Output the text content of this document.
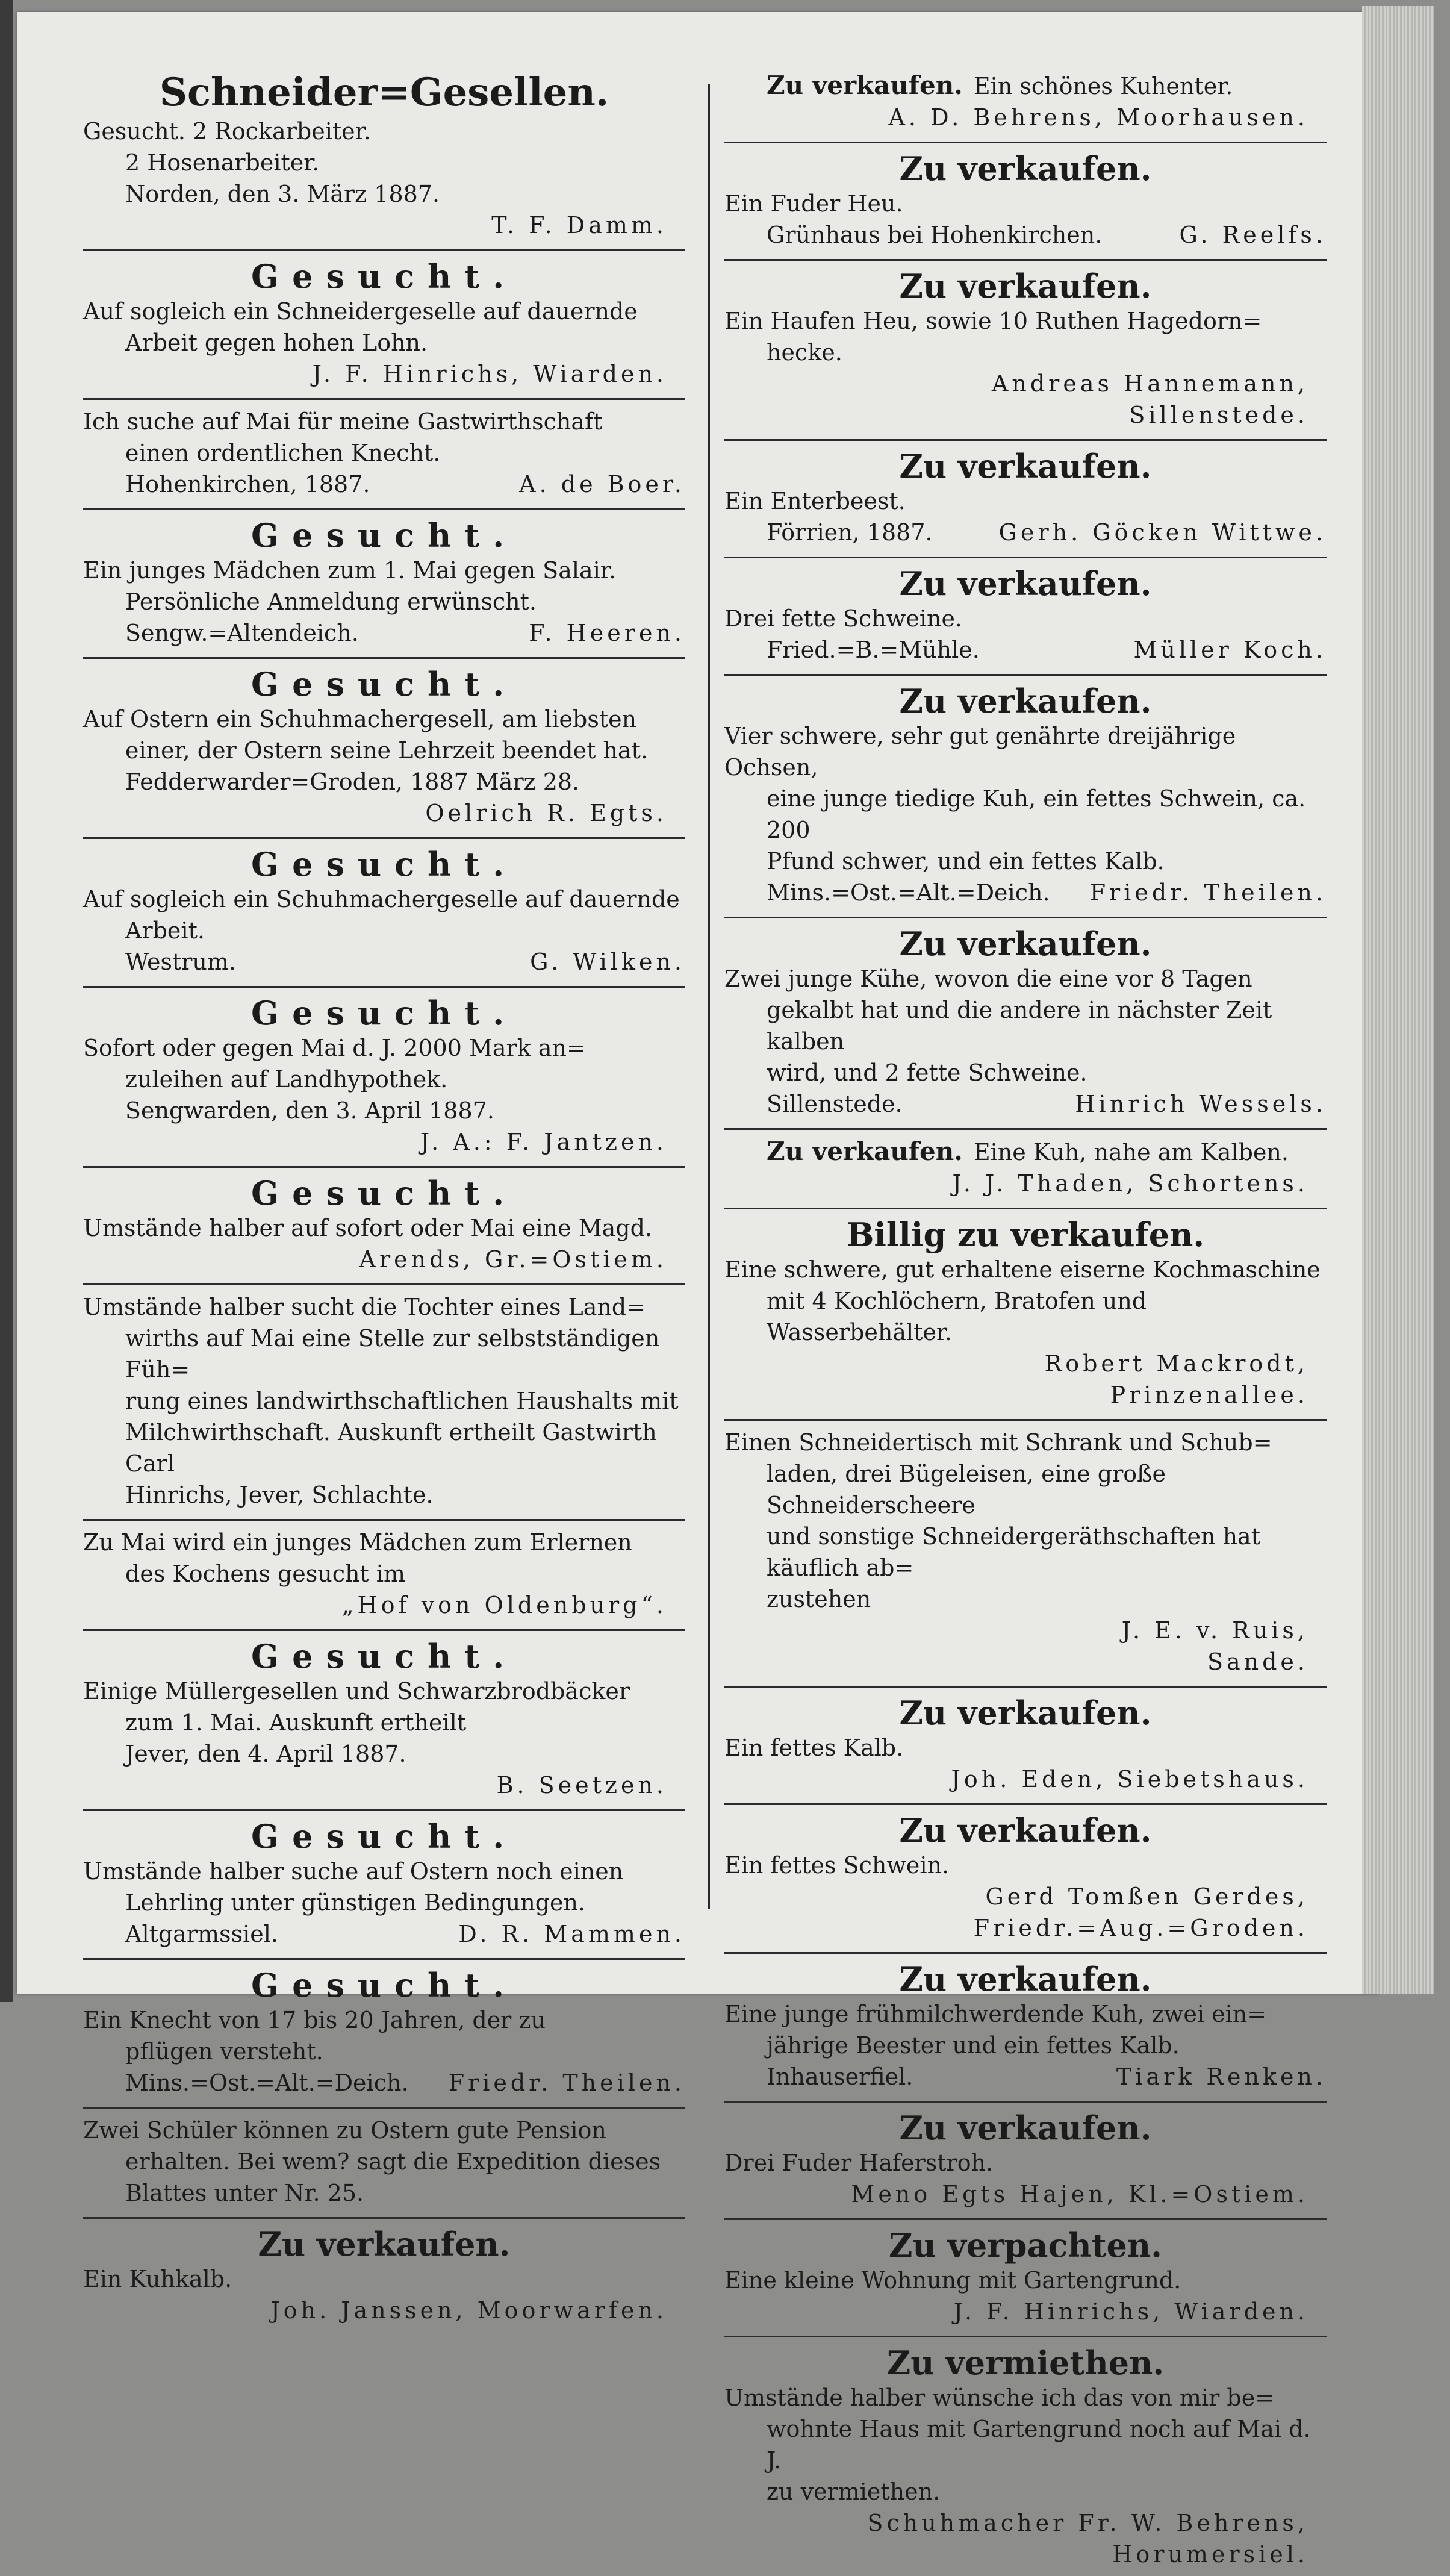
Schneider=Gesellen.
Gesucht. 2 Rockarbeiter.
2 Hosenarbeiter.
Norden, den 3. März 1887.
T. F. Damm.
Gesucht.
Auf sogleich ein Schneidergeselle auf dauernde
Arbeit gegen hohen Lohn.
J. F. Hinrichs, Wiarden.
Ich suche auf Mai für meine Gastwirthschaft
einen ordentlichen Knecht.
Hohenkirchen, 1887.	A. de Boer.
Gesucht.
Ein junges Mädchen zum 1. Mai gegen Salair.
Persönliche Anmeldung erwünscht.
Sengw.=Altendeich.	F. Heeren.
Gesucht.
Auf Ostern ein Schuhmachergesell, am liebsten
einer, der Ostern seine Lehrzeit beendet hat.
Fedderwarder=Groden, 1887 März 28.
Oelrich R. Egts.
Gesucht.
Auf sogleich ein Schuhmachergeselle auf dauernde
Arbeit.
Westrum.	G. Wilken.
Gesucht.
Sofort oder gegen Mai d. J. 2000 Mark an=
zuleihen auf Landhypothek.
Sengwarden, den 3. April 1887.
J. A.: F. Jantzen.
Gesucht.
Umstände halber auf sofort oder Mai eine Magd.
Arends, Gr.=Ostiem.
Umstände halber sucht die Tochter eines Land=
wirths auf Mai eine Stelle zur selbstständigen Füh=
rung eines landwirthschaftlichen Haushalts mit
Milchwirthschaft. Auskunft ertheilt Gastwirth Carl
Hinrichs, Jever, Schlachte.
Zu Mai wird ein junges Mädchen zum Erlernen
des Kochens gesucht im
„Hof von Oldenburg“.
Gesucht.
Einige Müllergesellen und Schwarzbrodbäcker
zum 1. Mai. Auskunft ertheilt
Jever, den 4. April 1887.
B. Seetzen.
Gesucht.
Umstände halber suche auf Ostern noch einen
Lehrling unter günstigen Bedingungen.
Altgarmssiel.	D. R. Mammen.
Gesucht.
Ein Knecht von 17 bis 20 Jahren, der zu
pflügen versteht.
Mins.=Ost.=Alt.=Deich. Friedr. Theilen.
Zwei Schüler können zu Ostern gute Pension
erhalten. Bei wem? sagt die Expedition dieses
Blattes unter Nr. 25.
Zu verkaufen.
Ein Kuhkalb.
Joh. Janssen, Moorwarfen.
Zu verkaufen. Ein schönes Kuhenter.
A. D. Behrens, Moorhausen.
Zu verkaufen.
Ein Fuder Heu.
Grünhaus bei Hohenkirchen.	G. Reelfs.
Zu verkaufen.
Ein Haufen Heu, sowie 10 Ruthen Hagedorn=
hecke.
Andreas Hannemann,
Sillenstede.
Zu verkaufen.
Ein Enterbeest.
Förrien, 1887.	Gerh. Göcken Wittwe.
Zu verkaufen.
Drei fette Schweine.
Fried.=B.=Mühle.	Müller Koch.
Zu verkaufen.
Vier schwere, sehr gut genährte dreijährige Ochsen,
eine junge tiedige Kuh, ein fettes Schwein, ca. 200
Pfund schwer, und ein fettes Kalb.
Mins.=Ost.=Alt.=Deich. Friedr. Theilen.
Zu verkaufen.
Zwei junge Kühe, wovon die eine vor 8 Tagen
gekalbt hat und die andere in nächster Zeit kalben
wird, und 2 fette Schweine.
Sillenstede.	Hinrich Wessels.
Zu verkaufen. Eine Kuh, nahe am Kalben.
J. J. Thaden, Schortens.
Billig zu verkaufen.
Eine schwere, gut erhaltene eiserne Kochmaschine
mit 4 Kochlöchern, Bratofen und Wasserbehälter.
Robert Mackrodt,
Prinzenallee.
Einen Schneidertisch mit Schrank und Schub=
laden, drei Bügeleisen, eine große Schneiderscheere
und sonstige Schneidergeräthschaften hat käuflich ab=
zustehen
J. E. v. Ruis,
Sande.
Zu verkaufen.
Ein fettes Kalb.
Joh. Eden, Siebetshaus.
Zu verkaufen.
Ein fettes Schwein.
Gerd Tomßen Gerdes,
Friedr.=Aug.=Groden.
Zu verkaufen.
Eine junge frühmilchwerdende Kuh, zwei ein=
jährige Beester und ein fettes Kalb.
Inhauserfiel.	Tiark Renken.
Zu verkaufen.
Drei Fuder Haferstroh.
Meno Egts Hajen, Kl.=Ostiem.
Zu verpachten.
Eine kleine Wohnung mit Gartengrund.
J. F. Hinrichs, Wiarden.
Zu vermiethen.
Umstände halber wünsche ich das von mir be=
wohnte Haus mit Gartengrund noch auf Mai d. J.
zu vermiethen.
Schuhmacher Fr. W. Behrens,
Horumersiel.
